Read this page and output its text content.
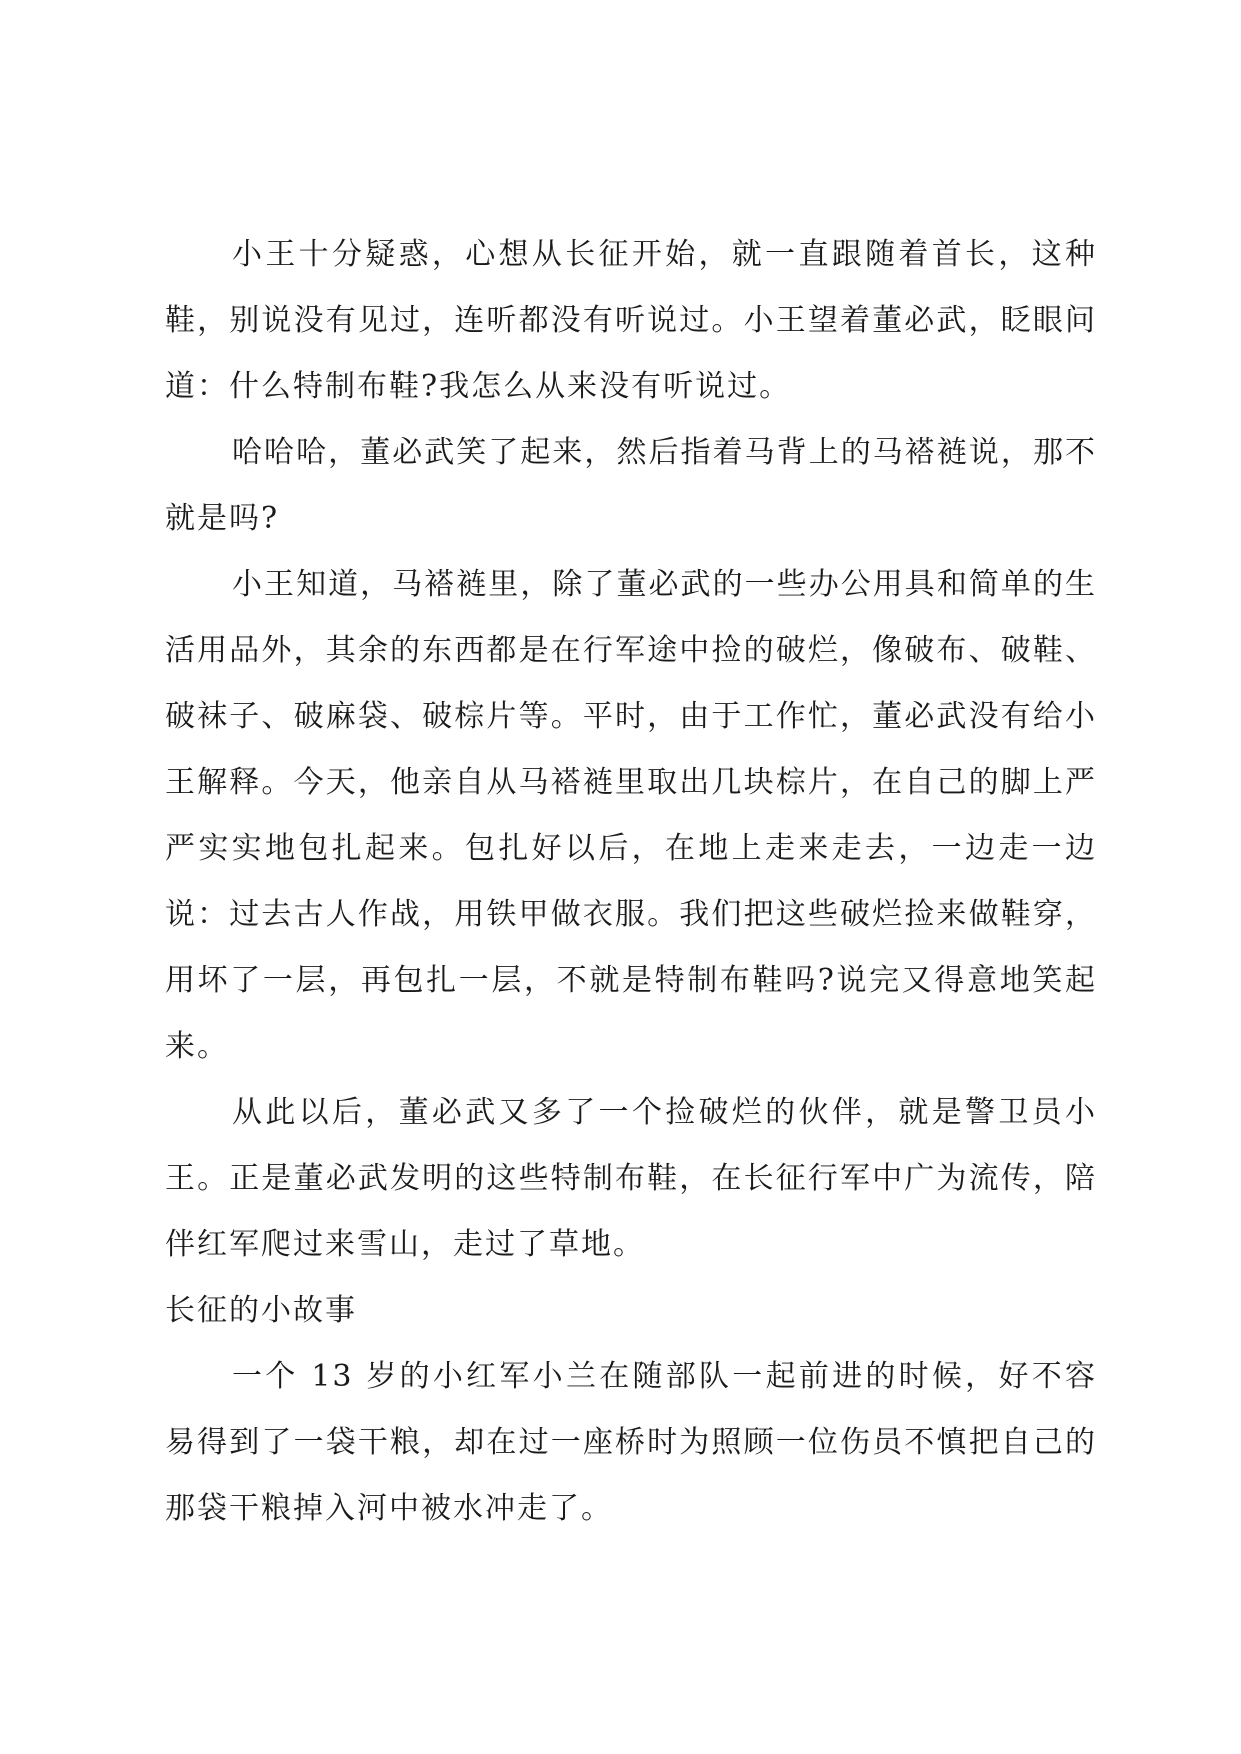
小王十分疑惑，心想从长征开始，就一直跟随着首长，这种鞋，别说没有见过，连听都没有听说过。小王望着董必武，眨眼问道：什么特制布鞋?我怎么从来没有听说过。

哈哈哈，董必武笑了起来，然后指着马背上的马褡裢说，那不就是吗?

小王知道，马褡裢里，除了董必武的一些办公用具和简单的生活用品外，其余的东西都是在行军途中捡的破烂，像破布、破鞋、破袜子、破麻袋、破棕片等。平时，由于工作忙，董必武没有给小王解释。今天，他亲自从马褡裢里取出几块棕片，在自己的脚上严严实实地包扎起来。包扎好以后，在地上走来走去，一边走一边说：过去古人作战，用铁甲做衣服。我们把这些破烂捡来做鞋穿，用坏了一层，再包扎一层，不就是特制布鞋吗?说完又得意地笑起来。

从此以后，董必武又多了一个捡破烂的伙伴，就是警卫员小王。正是董必武发明的这些特制布鞋，在长征行军中广为流传，陪伴红军爬过来雪山，走过了草地。

长征的小故事

一个 13 岁的小红军小兰在随部队一起前进的时候，好不容易得到了一袋干粮，却在过一座桥时为照顾一位伤员不慎把自己的那袋干粮掉入河中被水冲走了。
